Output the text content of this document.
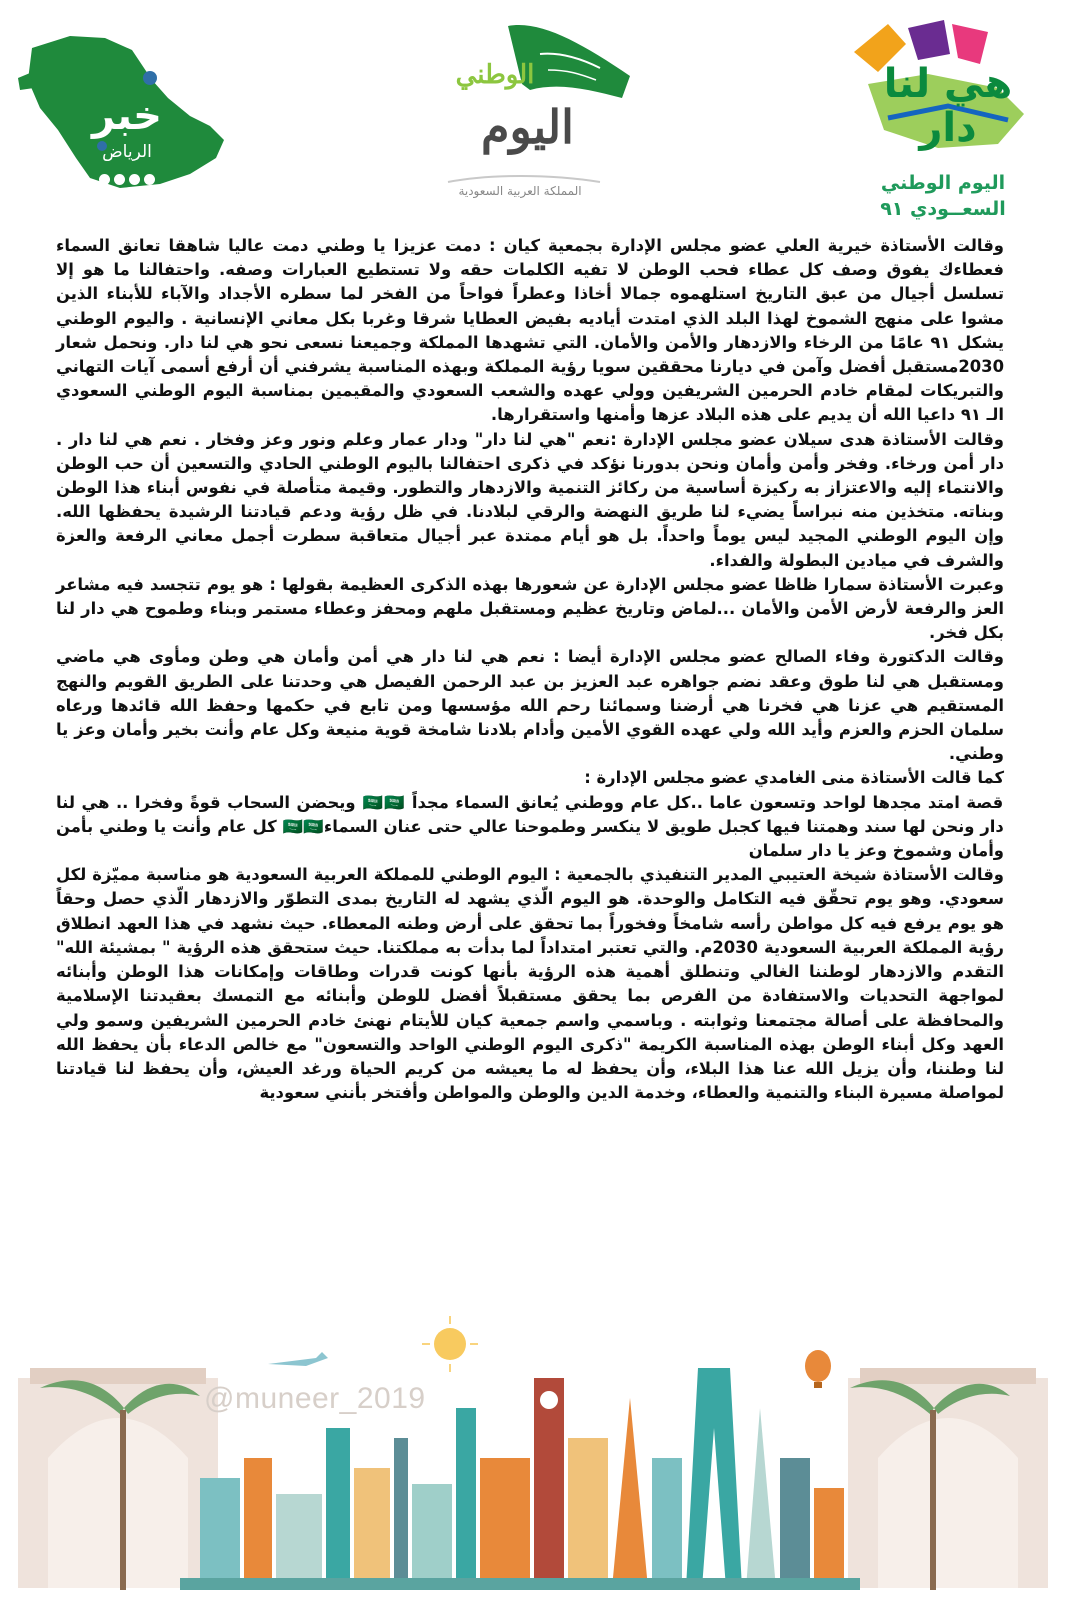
خبر
الرياض
NEWS2030_KSA
الوطني
اليوم
المملكة العربية السعودية
هي لنا دار
اليوم الوطني
السعــودي ٩١

وقالت الأستاذة خيرية العلي عضو مجلس الإدارة بجمعية كيان : دمت عزيزا يا وطني دمت عاليا شاهقا تعانق السماء فعطاءك يفوق وصف كل عطاء فحب الوطن لا تفيه الكلمات حقه ولا تستطيع العبارات وصفه. واحتفالنا ما هو إلا تسلسل أجيال من عبق التاريخ استلهموه جمالا أخاذا وعطراً فواحاً من الفخر لما سطره الأجداد والآباء للأبناء الذين مشوا على منهج الشموخ لهذا البلد الذي امتدت أياديه بفيض العطايا شرقا وغربا بكل معاني الإنسانية . واليوم الوطني يشكل ٩١ عامًا من الرخاء والازدهار والأمن والأمان. التي تشهدها المملكة وجميعنا نسعى نحو هي لنا دار. ونحمل شعار 2030مستقبل أفضل وآمن في ديارنا محققين سويا رؤية المملكة وبهذه المناسبة يشرفني أن أرفع أسمى آيات التهاني والتبريكات لمقام خادم الحرمين الشريفين وولي عهده والشعب السعودي والمقيمين بمناسبة اليوم الوطني السعودي الـ ٩١ داعيا الله أن يديم على هذه البلاد عزها وأمنها واستقرارها.

وقالت الأستاذة هدى سيلان عضو مجلس الإدارة :نعم "هي لنا دار" ودار عمار وعلم ونور وعز وفخار . نعم هي لنا دار . دار أمن ورخاء. وفخر وأمن وأمان ونحن بدورنا نؤكد في ذكرى احتفالنا باليوم الوطني الحادي والتسعين أن حب الوطن والانتماء إليه والاعتزاز به ركيزة أساسية من ركائز التنمية والازدهار والتطور. وقيمة متأصلة في نفوس أبناء هذا الوطن وبناته. متخذين منه نبراساً يضيء لنا طريق النهضة والرقي لبلادنا. في ظل رؤية ودعم قيادتنا الرشيدة يحفظها الله. وإن اليوم الوطني المجيد ليس يوماً واحداً. بل هو أيام ممتدة عبر أجيال متعاقبة سطرت أجمل معاني الرفعة والعزة والشرف في ميادين البطولة والفداء.

وعبرت الأستاذة سمارا ظاظا عضو مجلس الإدارة عن شعورها بهذه الذكرى العظيمة بقولها : هو يوم تتجسد فيه مشاعر العز والرفعة لأرض الأمن والأمان ...لماض وتاريخ عظيم ومستقبل ملهم ومحفز وعطاء مستمر وبناء وطموح هي دار لنا بكل فخر.

وقالت الدكتورة وفاء الصالح عضو مجلس الإدارة أيضا : نعم هي لنا دار هي أمن وأمان هي وطن ومأوى هي ماضي ومستقبل هي لنا طوق وعقد نضم جواهره عبد العزيز بن عبد الرحمن الفيصل هي وحدتنا على الطريق القويم والنهج المستقيم هي عزنا هي فخرنا هي أرضنا وسمائنا رحم الله مؤسسها ومن تابع في حكمها وحفظ الله قائدها ورعاه سلمان الحزم والعزم وأيد الله ولي عهده القوي الأمين وأدام بلادنا شامخة قوية منيعة وكل عام وأنت بخير وأمان وعز يا وطني.

كما قالت الأستاذة منى الغامدي عضو مجلس الإدارة :

قصة امتد مجدها لواحد وتسعون عاما ..كل عام ووطني يُعانق السماء مجداً 🇸🇦🇸🇦 ويحضن السحاب قوةً وفخرا .. هي لنا دار ونحن لها سند وهمتنا فيها كجبل طويق لا ينكسر وطموحنا عالي حتى عنان السماء🇸🇦🇸🇦 كل عام وأنت يا وطني بأمن وأمان وشموخ وعز يا دار سلمان

وقالت الأستاذة شيخة العتيبي المدير التنفيذي بالجمعية : اليوم الوطني للمملكة العربية السعودية هو مناسبة مميّزة لكل سعودي. وهو يوم تحقّق فيه التكامل والوحدة. هو اليوم الّذي يشهد له التاريخ بمدى التطوّر والازدهار الّذي حصل وحقاً هو يوم يرفع فيه كل مواطن رأسه شامخاً وفخوراً بما تحقق على أرض وطنه المعطاء. حيث نشهد في هذا العهد انطلاق رؤية المملكة العربية السعودية 2030م. والتي تعتبر امتداداً لما بدأت به مملكتنا. حيث ستحقق هذه الرؤية " بمشيئة الله" التقدم والازدهار لوطننا الغالي وتنطلق أهمية هذه الرؤية بأنها كونت قدرات وطاقات وإمكانات هذا الوطن وأبنائه لمواجهة التحديات والاستفادة من الفرص بما يحقق مستقبلاً أفضل للوطن وأبنائه مع التمسك بعقيدتنا الإسلامية والمحافظة على أصالة مجتمعنا وثوابته . وباسمي واسم جمعية كيان للأيتام نهنئ خادم الحرمين الشريفين وسمو ولي العهد وكل أبناء الوطن بهذه المناسبة الكريمة "ذكرى اليوم الوطني الواحد والتسعون" مع خالص الدعاء بأن يحفظ الله لنا وطننا، وأن يزيل الله عنا هذا البلاء، وأن يحفظ له ما يعيشه من كريم الحياة ورغد العيش، وأن يحفظ لنا قيادتنا لمواصلة مسيرة البناء والتنمية والعطاء، وخدمة الدين والوطن والمواطن وأفتخر بأنني سعودية

@muneer_2019
